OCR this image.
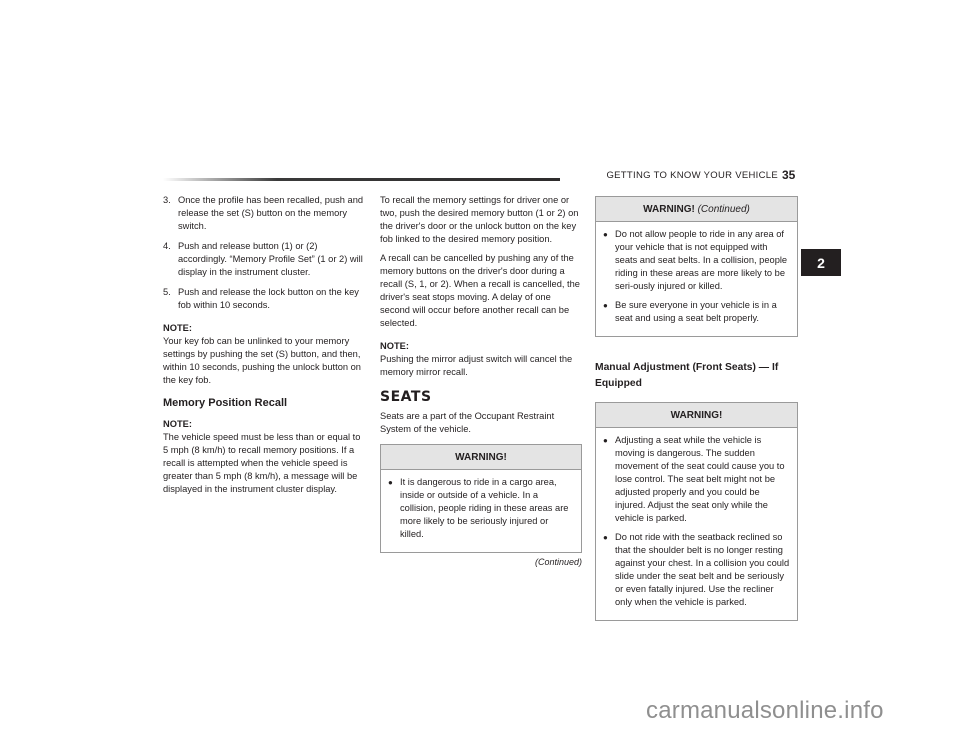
GETTING TO KNOW YOUR VEHICLE 35
2
3. Once the profile has been recalled, push and release the set (S) button on the memory switch.
4. Push and release button (1) or (2) accordingly. “Memory Profile Set” (1 or 2) will display in the instrument cluster.
5. Push and release the lock button on the key fob within 10 seconds.
NOTE:

Your key fob can be unlinked to your memory settings by pushing the set (S) button, and then, within 10 seconds, pushing the unlock button on the key fob.

Memory Position Recall
NOTE:

The vehicle speed must be less than or equal to 5 mph (8 km/h) to recall memory positions. If a recall is attempted when the vehicle speed is greater than 5 mph (8 km/h), a message will be displayed in the instrument cluster display.

To recall the memory settings for driver one or two, push the desired memory button (1 or 2) on the driver's door or the unlock button on the key fob linked to the desired memory position.

A recall can be cancelled by pushing any of the memory buttons on the driver's door during a recall (S, 1, or 2). When a recall is cancelled, the driver's seat stops moving. A delay of one second will occur before another recall can be selected.

NOTE:

Pushing the mirror adjust switch will cancel the memory mirror recall.

SEATS

Seats are a part of the Occupant Restraint System of the vehicle.

WARNING!
● It is dangerous to ride in a cargo area, inside or outside of a vehicle. In a collision, people riding in these areas are more likely to be seriously injured or killed.
(Continued)
WARNING! (Continued)
● Do not allow people to ride in any area of your vehicle that is not equipped with seats and seat belts. In a collision, people riding in these areas are more likely to be seri-ously injured or killed.
● Be sure everyone in your vehicle is in a seat and using a seat belt properly.
Manual Adjustment (Front Seats) — If Equipped
WARNING!
● Adjusting a seat while the vehicle is moving is dangerous. The sudden movement of the seat could cause you to lose control. The seat belt might not be adjusted properly and you could be injured. Adjust the seat only while the vehicle is parked.
● Do not ride with the seatback reclined so that the shoulder belt is no longer resting against your chest. In a collision you could slide under the seat belt and be seriously or even fatally injured. Use the recliner only when the vehicle is parked.
carmanualsonline.info
